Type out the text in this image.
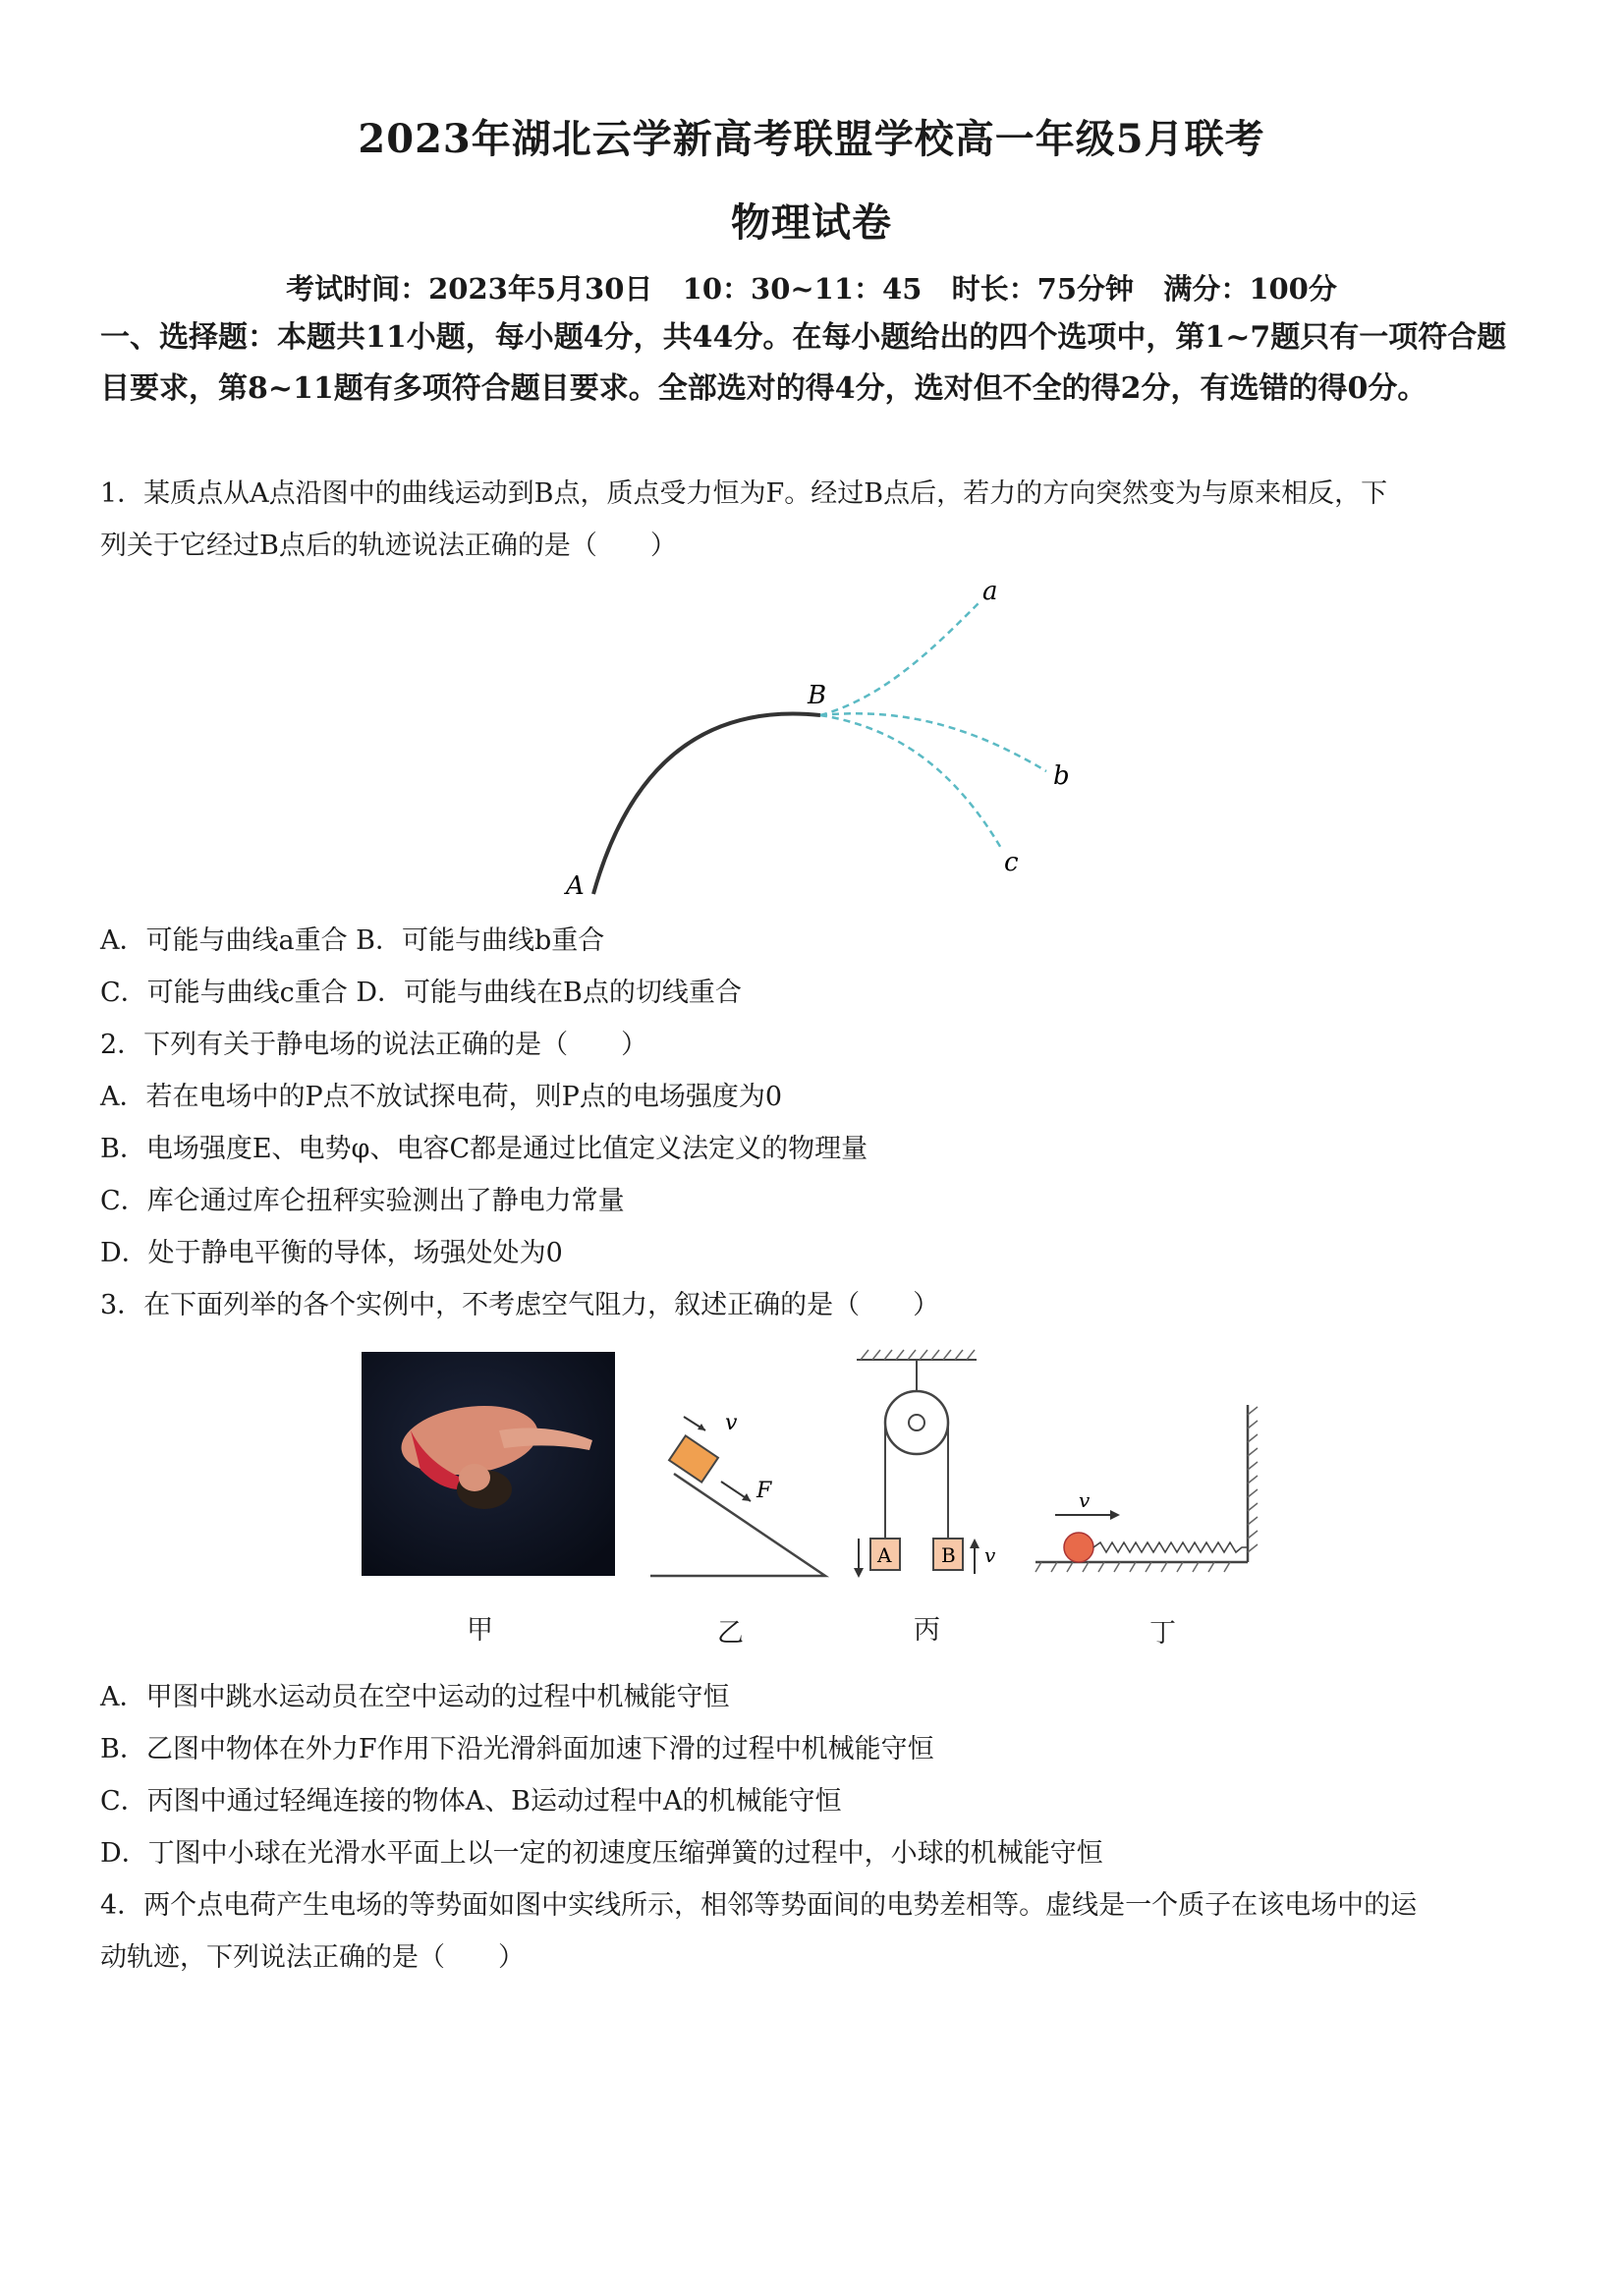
2023年湖北云学新高考联盟学校高一年级5月联考
物理试卷
考试时间：2023年5月30日   10：30~11：45   时长：75分钟   满分：100分
一、选择题：本题共11小题，每小题4分，共44分。在每小题给出的四个选项中，第1~7题只有一项符合题目要求，第8~11题有多项符合题目要求。全部选对的得4分，选对但不全的得2分，有选错的得0分。
1．某质点从A点沿图中的曲线运动到B点，质点受力恒为F。经过B点后，若力的方向突然变为与原来相反，下
列关于它经过B点后的轨迹说法正确的是（　　）
a
b
c
A
B
A．可能与曲线a重合 B．可能与曲线b重合
C．可能与曲线c重合 D．可能与曲线在B点的切线重合
2．下列有关于静电场的说法正确的是（　　）
A．若在电场中的P点不放试探电荷，则P点的电场强度为0
B．电场强度E、电势φ、电容C都是通过比值定义法定义的物理量
C．库仑通过库仑扭秤实验测出了静电力常量
D．处于静电平衡的导体，场强处处为0
3．在下面列举的各个实例中，不考虑空气阻力，叙述正确的是（　　）
甲
v
F
乙
A	B v
丙
v
丁
A．甲图中跳水运动员在空中运动的过程中机械能守恒
B．乙图中物体在外力F作用下沿光滑斜面加速下滑的过程中机械能守恒
C．丙图中通过轻绳连接的物体A、B运动过程中A的机械能守恒
D．丁图中小球在光滑水平面上以一定的初速度压缩弹簧的过程中，小球的机械能守恒
4．两个点电荷产生电场的等势面如图中实线所示，相邻等势面间的电势差相等。虚线是一个质子在该电场中的运
动轨迹，下列说法正确的是（　　）
